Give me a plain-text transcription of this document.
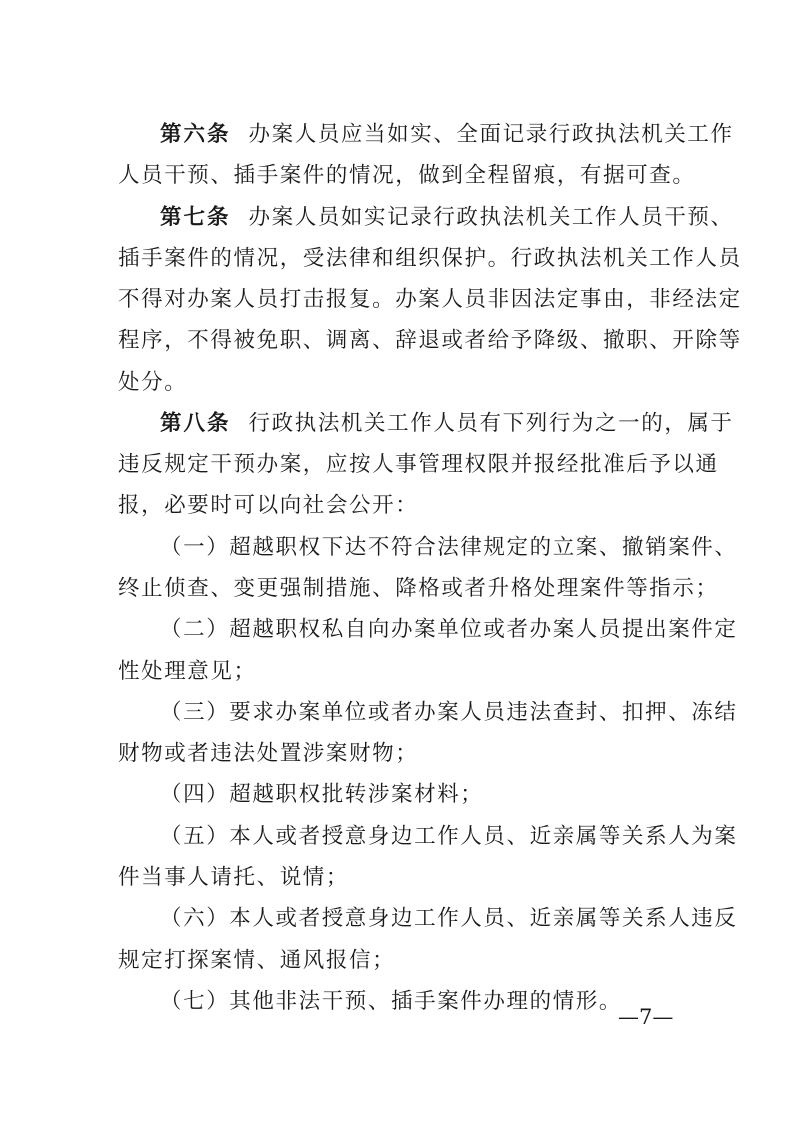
第六条 办案人员应当如实、全面记录行政执法机关工作
人员干预、插手案件的情况，做到全程留痕，有据可查。
第七条 办案人员如实记录行政执法机关工作人员干预、
插手案件的情况，受法律和组织保护。行政执法机关工作人员
不得对办案人员打击报复。办案人员非因法定事由，非经法定
程序，不得被免职、调离、辞退或者给予降级、撤职、开除等
处分。
第八条 行政执法机关工作人员有下列行为之一的，属于
违反规定干预办案，应按人事管理权限并报经批准后予以通
报，必要时可以向社会公开：
（一）超越职权下达不符合法律规定的立案、撤销案件、
终止侦查、变更强制措施、降格或者升格处理案件等指示；
（二）超越职权私自向办案单位或者办案人员提出案件定
性处理意见；
（三）要求办案单位或者办案人员违法查封、扣押、冻结
财物或者违法处置涉案财物；
（四）超越职权批转涉案材料；
（五）本人或者授意身边工作人员、近亲属等关系人为案
件当事人请托、说情；
（六）本人或者授意身边工作人员、近亲属等关系人违反
规定打探案情、通风报信；
（七）其他非法干预、插手案件办理的情形。
—7—
